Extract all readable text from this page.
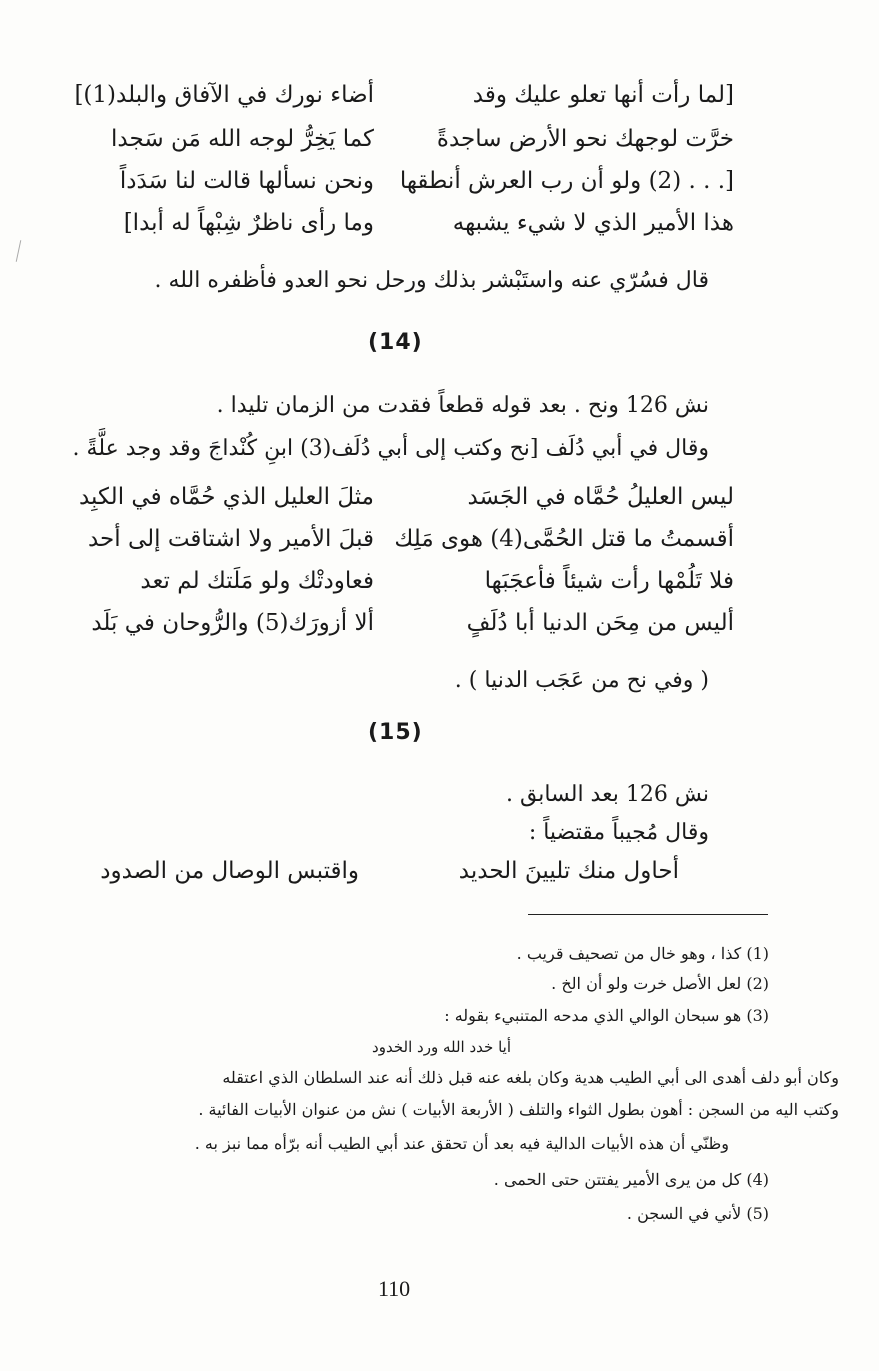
[لما رأت أنها تعلو عليك وقد
أضاء نورك في الآفاق والبلد(1)]
خرَّت لوجهك نحو الأرض ساجدةً
كما يَخِرُّ لوجه الله مَن سَجدا
[. . . (2) ولو أن رب العرش أنطقها
ونحن نسألها قالت لنا سَدَداً
هذا الأمير الذي لا شيء يشبهه
وما رأى ناظرٌ شِبْهاً له أبدا]
قال فسُرّي عنه واستَبْشر بذلك ورحل نحو العدو فأظفره الله .
(14)
نش 126 ونح . بعد قوله قطعاً فقدت من الزمان تليدا .
وقال في أبي دُلَف [نح وكتب إلى أبي دُلَف(3) ابنِ كُنْداجَ وقد وجد علَّةً .
ليس العليلُ حُمَّاه في الجَسَد
مثلَ العليل الذي حُمَّاه في الكبِد
أقسمتُ ما قتل الحُمَّى(4) هوى مَلِك
قبلَ الأمير ولا اشتاقت إلى أحد
فلا تَلُمْها رأت شيئاً فأعجَبَها
فعاودتْك ولو مَلَتك لم تعد
أليس من مِحَن الدنيا أبا دُلَفٍ
ألا أزورَك(5) والرُّوحان في بَلَد
( وفي نح من عَجَب الدنيا ) .
(15)
نش 126 بعد السابق .
وقال مُجيباً مقتضياً :
أحاول منك تليينَ الحديد
واقتبس الوصال من الصدود
(1) كذا ، وهو خال من تصحيف قريب .
(2) لعل الأصل خرت ولو أن الخ .
(3) هو سبحان الوالي الذي مدحه المتنبيء بقوله :
أيا خدد الله ورد الخدود
وكان أبو دلف أهدى الى أبي الطيب هدية وكان بلغه عنه قبل ذلك أنه عند السلطان الذي اعتقله
وكتب اليه من السجن : أهون بطول الثواء والتلف ( الأربعة الأبيات ) نش من عنوان الأبيات الفائية .
وظنّي أن هذه الأبيات الدالية فيه بعد أن تحقق عند أبي الطيب أنه برّأه مما نبز به .
(4) كل من يرى الأمير يفتتن حتى الحمى .
(5) لأني في السجن .
110
